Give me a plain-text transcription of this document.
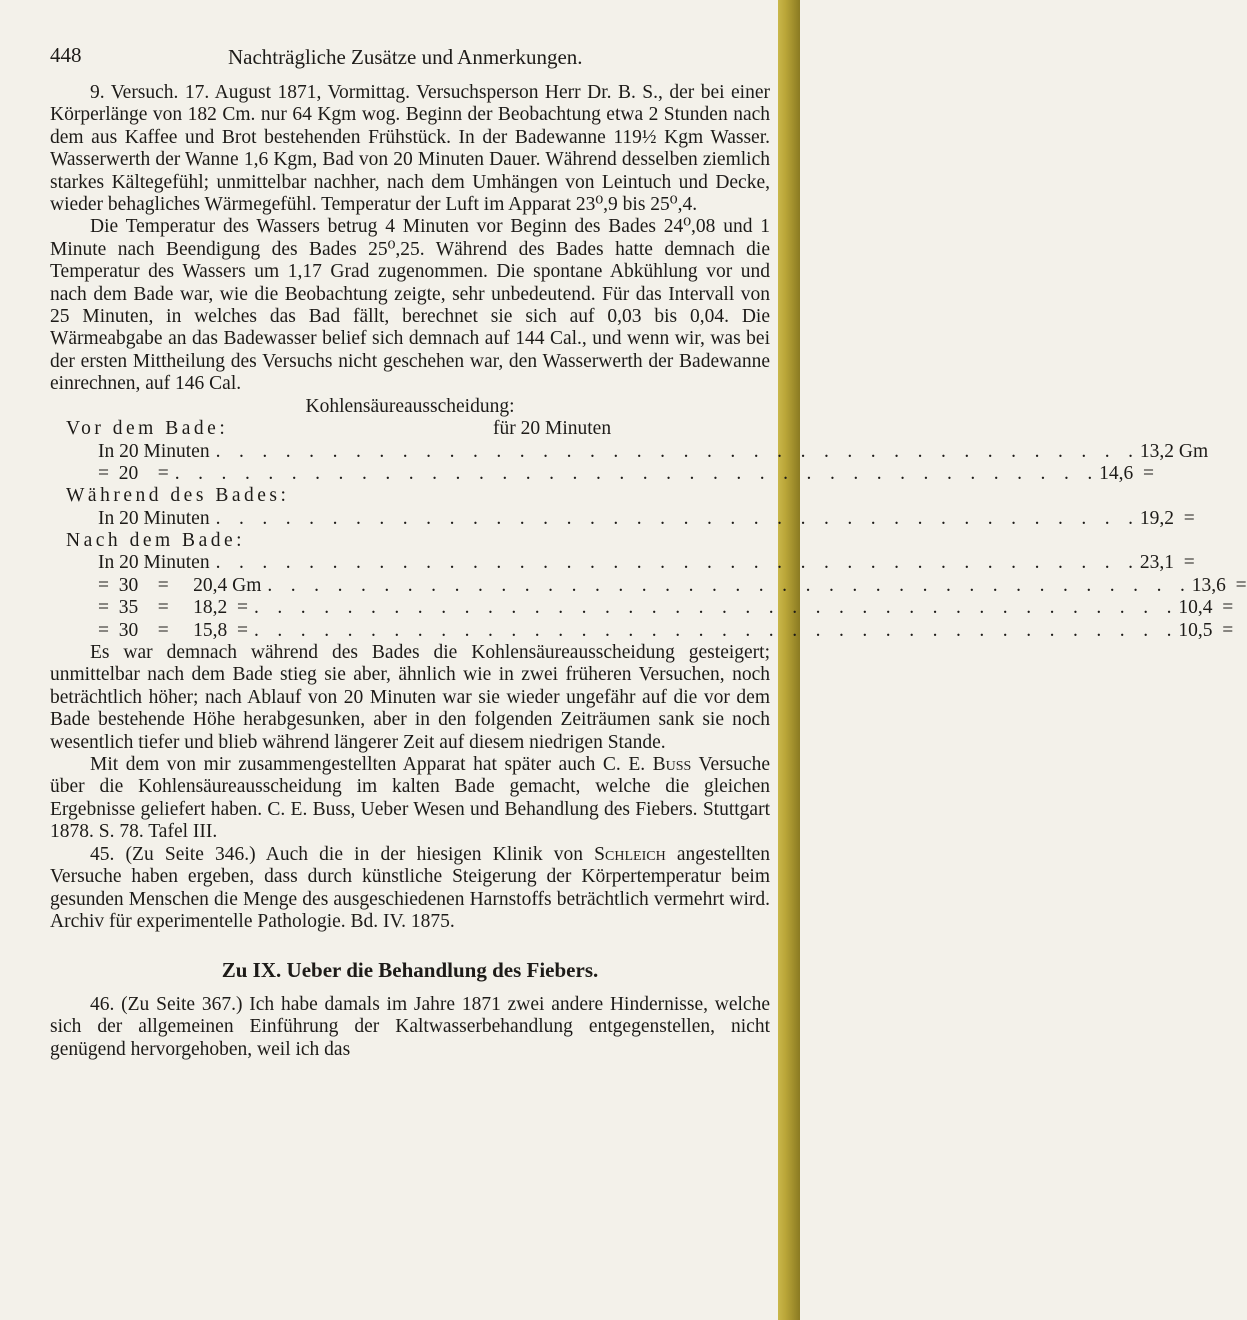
448	Nachträgliche Zusätze und Anmerkungen.

9. Versuch. 17. August 1871, Vormittag. Versuchsperson Herr Dr. B. S., der bei einer Körperlänge von 182 Cm. nur 64 Kgm wog. Beginn der Beobachtung etwa 2 Stunden nach dem aus Kaffee und Brot bestehenden Frühstück. In der Badewanne 119½ Kgm Wasser. Wasserwerth der Wanne 1,6 Kgm, Bad von 20 Minuten Dauer. Während desselben ziemlich starkes Kältegefühl; unmittelbar nachher, nach dem Umhängen von Leintuch und Decke, wieder behagliches Wärmegefühl. Temperatur der Luft im Apparat 23⁰,9 bis 25⁰,4.

Die Temperatur des Wassers betrug 4 Minuten vor Beginn des Bades 24⁰,08 und 1 Minute nach Beendigung des Bades 25⁰,25. Während des Bades hatte demnach die Temperatur des Wassers um 1,17 Grad zugenommen. Die spontane Abkühlung vor und nach dem Bade war, wie die Beobachtung zeigte, sehr unbedeutend. Für das Intervall von 25 Minuten, in welches das Bad fällt, berechnet sie sich auf 0,03 bis 0,04. Die Wärmeabgabe an das Badewasser belief sich demnach auf 144 Cal., und wenn wir, was bei der ersten Mittheilung des Versuchs nicht geschehen war, den Wasserwerth der Badewanne einrechnen, auf 146 Cal.

Kohlensäureausscheidung:

Vor dem Bade:	für 20 Minuten
In 20 Minuten . . . . . . . . . . . . . . . . . . . . . . . . . . . . . . . . . . . . . . . . 13,2 Gm
=  20    = . . . . . . . . . . . . . . . . . . . . . . . . . . . . . . . . . . . . . . . . 14,6  =
Während des Bades:
In 20 Minuten . . . . . . . . . . . . . . . . . . . . . . . . . . . . . . . . . . . . . . . . 19,2  =
Nach dem Bade:
In 20 Minuten . . . . . . . . . . . . . . . . . . . . . . . . . . . . . . . . . . . . . . . . 23,1  =
=  30    =     20,4 Gm . . . . . . . . . . . . . . . . . . . . . . . . . . . . . . . . . . . . . . . . 13,6  =
=  35    =     18,2  = . . . . . . . . . . . . . . . . . . . . . . . . . . . . . . . . . . . . . . . . 10,4  =
=  30    =     15,8  = . . . . . . . . . . . . . . . . . . . . . . . . . . . . . . . . . . . . . . . . 10,5  =

Es war demnach während des Bades die Kohlensäureausscheidung gesteigert; unmittelbar nach dem Bade stieg sie aber, ähnlich wie in zwei früheren Versuchen, noch beträchtlich höher; nach Ablauf von 20 Minuten war sie wieder ungefähr auf die vor dem Bade bestehende Höhe herabgesunken, aber in den folgenden Zeiträumen sank sie noch wesentlich tiefer und blieb während längerer Zeit auf diesem niedrigen Stande.

Mit dem von mir zusammengestellten Apparat hat später auch C. E. Buss Versuche über die Kohlensäureausscheidung im kalten Bade gemacht, welche die gleichen Ergebnisse geliefert haben. C. E. Buss, Ueber Wesen und Behandlung des Fiebers. Stuttgart 1878. S. 78. Tafel III.

45. (Zu Seite 346.) Auch die in der hiesigen Klinik von Schleich angestellten Versuche haben ergeben, dass durch künstliche Steigerung der Körpertemperatur beim gesunden Menschen die Menge des ausgeschiedenen Harnstoffs beträchtlich vermehrt wird. Archiv für experimentelle Pathologie. Bd. IV. 1875.

Zu IX. Ueber die Behandlung des Fiebers.

46. (Zu Seite 367.) Ich habe damals im Jahre 1871 zwei andere Hindernisse, welche sich der allgemeinen Einführung der Kaltwasserbehandlung entgegenstellen, nicht genügend hervorgehoben, weil ich das
